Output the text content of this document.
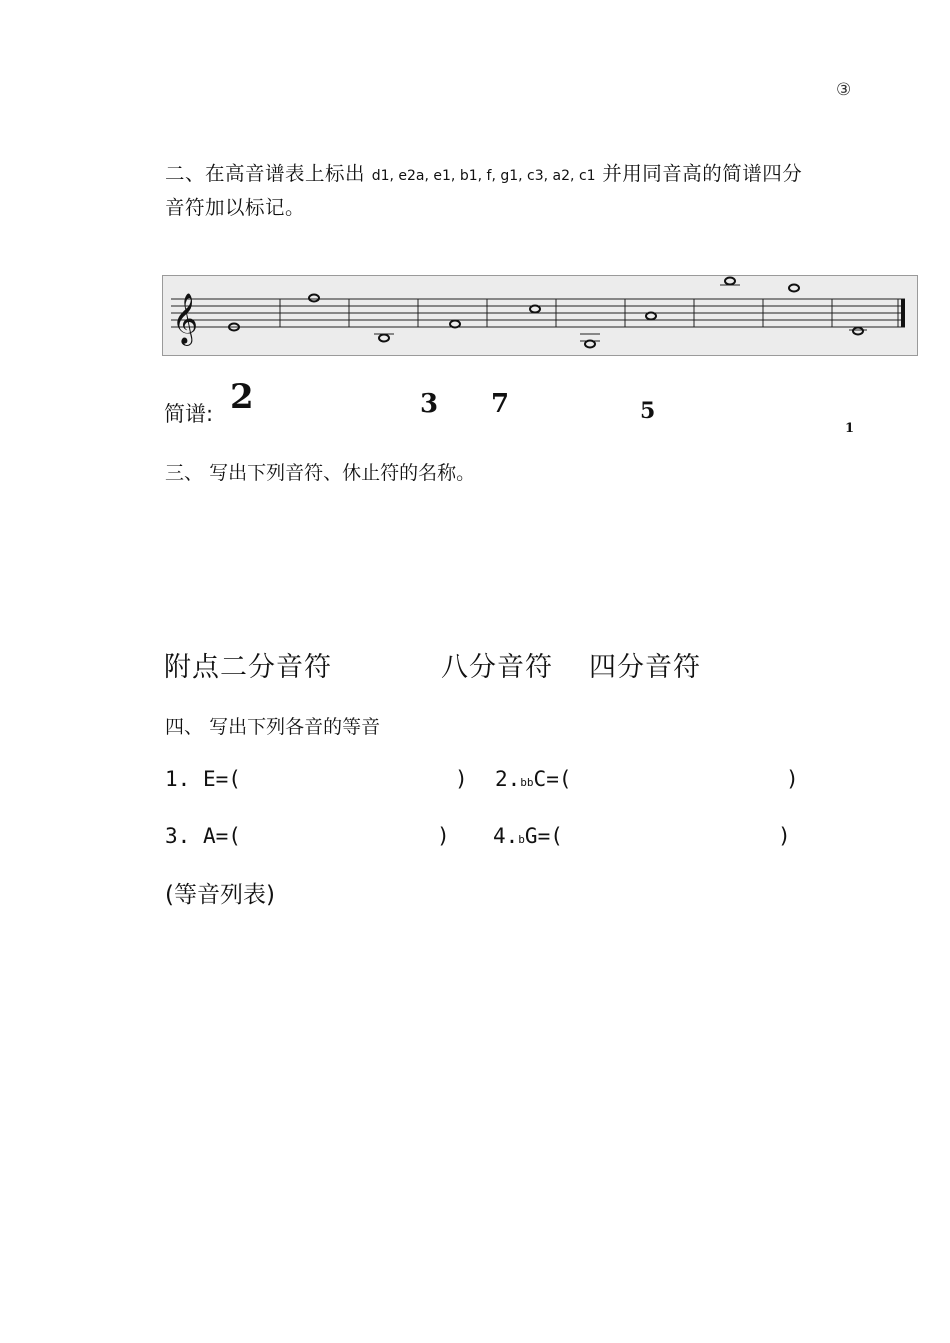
③
二、在高音谱表上标出 d1, e2a, e1, b1, f, g1, c3, a2, c1 并用同音高的简谱四分
音符加以标记。
𝄞
简谱: 2	3 7	5
1
三、 写出下列音符、休止符的名称。
附点二分音符	八分音符 四分音符
四、 写出下列各音的等音
1. E=(	) 2.bbC=(	)
3. A=(	) 4.bG=(	)
(等音列表)
